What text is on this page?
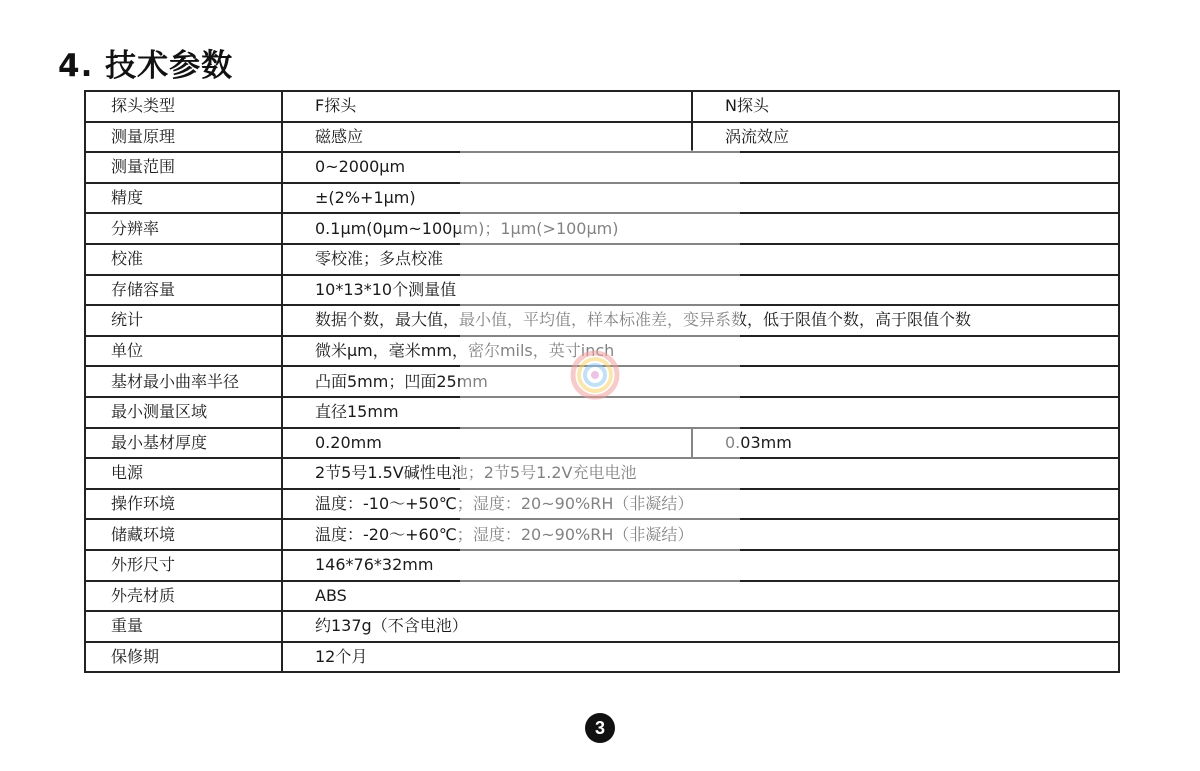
4. 技术参数
探头类型	F探头	N探头
测量原理	磁感应	涡流效应
测量范围	0~2000μm	
精度	±(2%+1μm)	
分辨率	0.1μm(0μm~100μm)；1μm(>100μm)	
校准	零校准；多点校准	
存储容量	10*13*10个测量值	
统计	数据个数，最大值，最小值，平均值，样本标准差，变异系数，低于限值个数，高于限值个数	
单位	微米μm，毫米mm，密尔mils，英寸inch	
基材最小曲率半径	凸面5mm；凹面25mm	
最小测量区域	直径15mm	
最小基材厚度	0.20mm	0.03mm
电源	2节5号1.5V碱性电池；2节5号1.2V充电电池	
操作环境	温度：-10～+50℃；湿度：20~90%RH（非凝结）	
储藏环境	温度：-20～+60℃；湿度：20~90%RH（非凝结）	
外形尺寸	146*76*32mm	
外壳材质	ABS	
重量	约137g（不含电池）	
保修期	12个月	
3
